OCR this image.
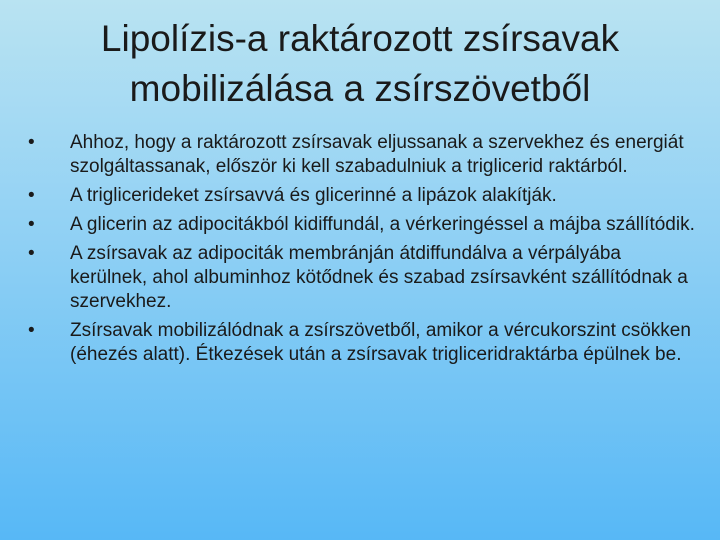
Lipolízis-a raktározott zsírsavak
mobilizálása a zsírszövetből
• Ahhoz, hogy a raktározott zsírsavak eljussanak a szervekhez és energiát szolgáltassanak, először ki kell szabadulniuk a triglicerid raktárból.
• A triglicerideket zsírsavvá és glicerinné a lipázok alakítják.
• A glicerin az adipocitákból kidiffundál, a vérkeringéssel a májba szállítódik.
• A zsírsavak az adipociták membránján átdiffundálva a vérpályába kerülnek, ahol albuminhoz kötődnek és szabad zsírsavként szállítódnak a szervekhez.
• Zsírsavak mobilizálódnak a zsírszövetből, amikor a vércukorszint csökken (éhezés alatt). Étkezések után a zsírsavak trigliceridraktárba épülnek be.
